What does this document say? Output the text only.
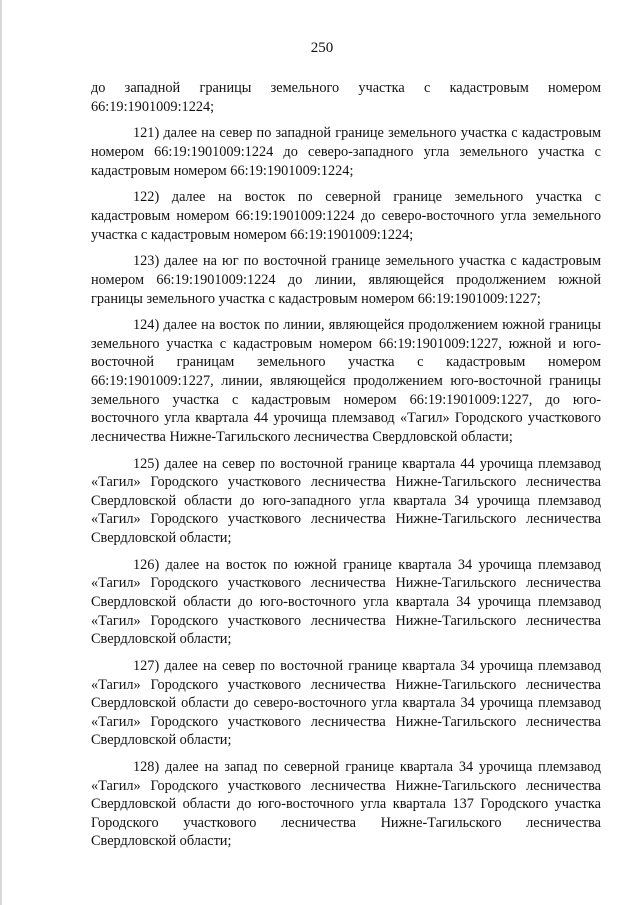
250

до западной границы земельного участка с кадастровым номером 66:19:1901009:1224;

121) далее на север по западной границе земельного участка с кадастровым номером 66:19:1901009:1224 до северо-западного угла земельного участка с кадастровым номером 66:19:1901009:1224;

122) далее на восток по северной границе земельного участка с кадастровым номером 66:19:1901009:1224 до северо-восточного угла земельного участка с кадастровым номером 66:19:1901009:1224;

123) далее на юг по восточной границе земельного участка с кадастровым номером 66:19:1901009:1224 до линии, являющейся продолжением южной границы земельного участка с кадастровым номером 66:19:1901009:1227;

124) далее на восток по линии, являющейся продолжением южной границы земельного участка с кадастровым номером 66:19:1901009:1227, южной и юго-восточной границам земельного участка с кадастровым номером 66:19:1901009:1227, линии, являющейся продолжением юго-восточной границы земельного участка с кадастровым номером 66:19:1901009:1227, до юго-восточного угла квартала 44 урочища племзавод «Тагил» Городского участкового лесничества Нижне-Тагильского лесничества Свердловской области;

125) далее на север по восточной границе квартала 44 урочища племзавод «Тагил» Городского участкового лесничества Нижне-Тагильского лесничества Свердловской области до юго-западного угла квартала 34 урочища племзавод «Тагил» Городского участкового лесничества Нижне-Тагильского лесничества Свердловской области;

126) далее на восток по южной границе квартала 34 урочища племзавод «Тагил» Городского участкового лесничества Нижне-Тагильского лесничества Свердловской области до юго-восточного угла квартала 34 урочища племзавод «Тагил» Городского участкового лесничества Нижне-Тагильского лесничества Свердловской области;

127) далее на север по восточной границе квартала 34 урочища племзавод «Тагил» Городского участкового лесничества Нижне-Тагильского лесничества Свердловской области до северо-восточного угла квартала 34 урочища племзавод «Тагил» Городского участкового лесничества Нижне-Тагильского лесничества Свердловской области;

128) далее на запад по северной границе квартала 34 урочища племзавод «Тагил» Городского участкового лесничества Нижне-Тагильского лесничества Свердловской области до юго-восточного угла квартала 137 Городского участка Городского участкового лесничества Нижне-Тагильского лесничества Свердловской области;
